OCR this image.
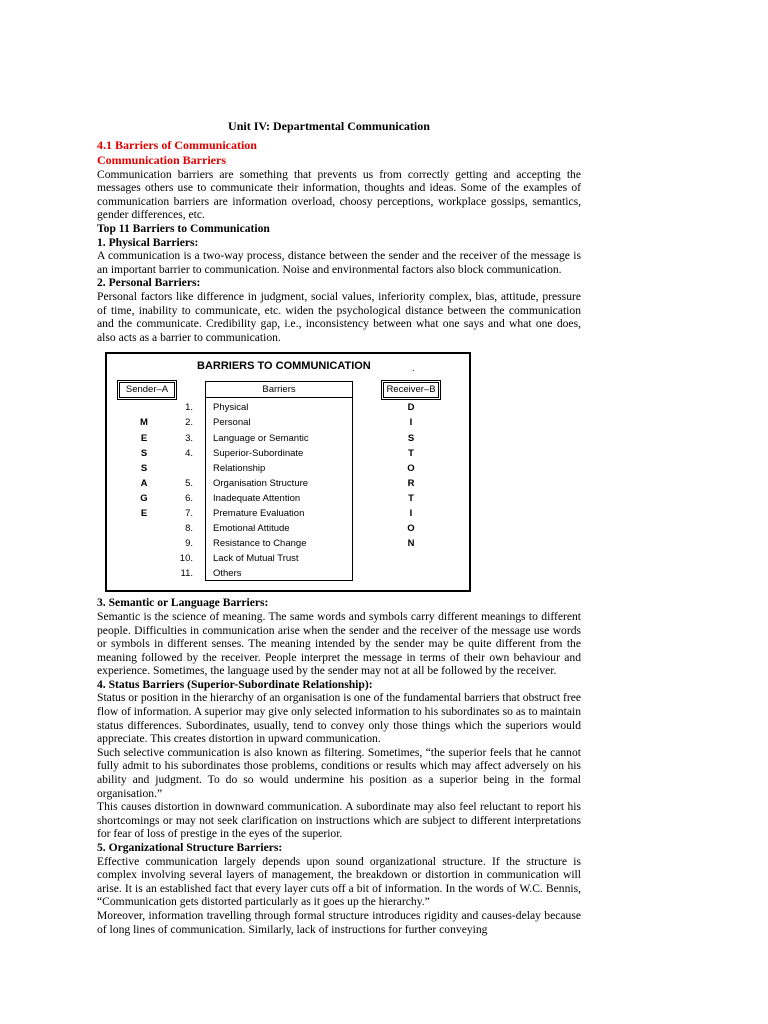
Unit IV: Departmental Communication
4.1 Barriers of Communication
Communication Barriers

Communication barriers are something that prevents us from correctly getting and accepting the messages others use to communicate their information, thoughts and ideas. Some of the examples of communication barriers are information overload, choosy perceptions, workplace gossips, semantics, gender differences, etc.

Top 11 Barriers to Communication
1. Physical Barriers:

A communication is a two-way process, distance between the sender and the receiver of the message is an important barrier to communication. Noise and environmental factors also block communication.

2. Personal Barriers:

Personal factors like difference in judgment, social values, inferiority complex, bias, attitude, pressure of time, inability to communicate, etc. widen the psychological distance between the communication and the communicate. Credibility gap, i.e., inconsistency between what one says and what one does, also acts as a barrier to communication.

BARRIERS TO COMMUNICATION	.
Sender–A	Receiver–B
Barriers
1. Physical
2. Personal
3. Language or Semantic
4. Superior-Subordinate
Relationship
5. Organisation Structure
6. Inadequate Attention
7. Premature Evaluation
8. Emotional Attitude
9. Resistance to Change
10. Lack of Mutual Trust
11. Others
M
E
S
S
A
G
E
D
I
S
T
O
R
T
I
O
N
3. Semantic or Language Barriers:

Semantic is the science of meaning. The same words and symbols carry different meanings to different people. Difficulties in communication arise when the sender and the receiver of the message use words or symbols in different senses. The meaning intended by the sender may be quite different from the meaning followed by the receiver. People interpret the message in terms of their own behaviour and experience. Sometimes, the language used by the sender may not at all be followed by the receiver.

4. Status Barriers (Superior-Subordinate Relationship):

Status or position in the hierarchy of an organisation is one of the fundamental barriers that obstruct free flow of information. A superior may give only selected information to his subordinates so as to maintain status differences. Subordinates, usually, tend to convey only those things which the superiors would appreciate. This creates distortion in upward communication.

Such selective communication is also known as filtering. Sometimes, “the superior feels that he cannot fully admit to his subordinates those problems, conditions or results which may affect adversely on his ability and judgment. To do so would undermine his position as a superior being in the formal organisation.”

This causes distortion in downward communication. A subordinate may also feel reluctant to report his shortcomings or may not seek clarification on instructions which are subject to different interpretations for fear of loss of prestige in the eyes of the superior.

5. Organizational Structure Barriers:

Effective communication largely depends upon sound organizational structure. If the structure is complex involving several layers of management, the breakdown or distortion in communication will arise. It is an established fact that every layer cuts off a bit of information. In the words of W.C. Bennis, “Communication gets distorted particularly as it goes up the hierarchy.”

Moreover, information travelling through formal structure introduces rigidity and causes-delay because of long lines of communication. Similarly, lack of instructions for further conveying
